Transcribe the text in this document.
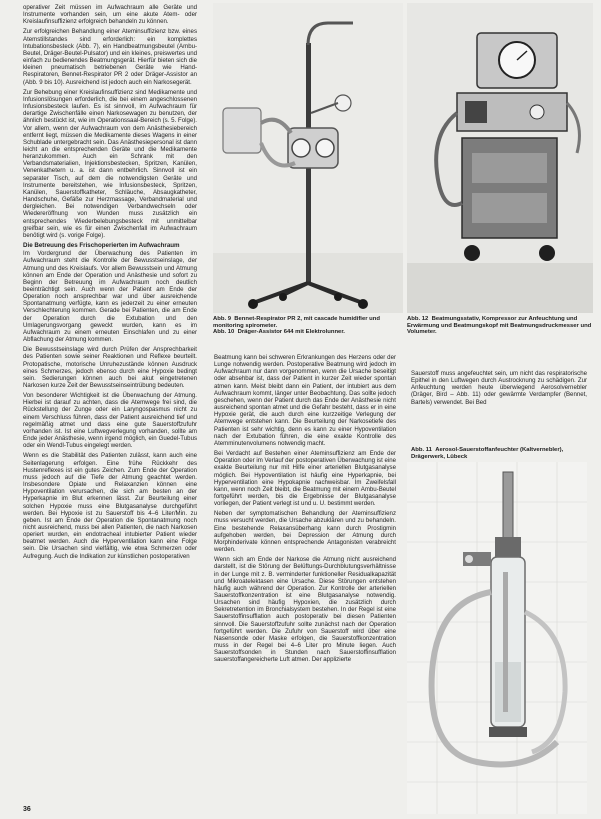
operativer Zeit müssen im Aufwachraum alle Geräte und Instrumente vorhanden sein, um eine akute Atem- oder Kreislaufinsuffizienz erfolgreich behandeln zu können.

Zur erfolgreichen Behandlung einer Ateminsuffizienz bzw. eines Atemstillstandes sind erforderlich: ein komplettes Intubationsbesteck (Abb. 7), ein Handbeatmungsbeutel (Ambu-Beutel, Dräger-Beutel-Pulsator) und ein kleines, preiswertes und einfach zu bedienendes Beatmungsgerät. Hierfür bieten sich die kleinen pneumatisch betriebenen Geräte wie Hand-Respiratoren, Bennet-Respirator PR 2 oder Dräger-Assistor an (Abb. 9 bis 10). Ausreichend ist jedoch auch ein Narkosegerät.

Zur Behebung einer Kreislaufinsuffizienz sind Medikamente und Infusionslösungen erforderlich, die bei einem angeschlossenen Infusionsbesteck laufen. Es ist sinnvoll, im Aufwachraum für derartige Zwischenfälle einen Narkosewagen zu benutzen, der ähnlich bestückt ist, wie im Operationssaal-Bereich (s. 5. Folge). Vor allem, wenn der Aufwachraum von dem Anästhesiebereich entfernt liegt, müssen die Medikamente dieses Wagens in einer Schublade untergebracht sein. Das Anästhesiepersonal ist dann leicht an die entsprechenden Geräte und die Medikamente heranzukommen. Auch ein Schrank mit den Verbandsmaterialien, Injektionsbestecken, Spritzen, Kanülen, Venenkathetern u. a. ist dann entbehrlich. Sinnvoll ist ein separater Tisch, auf dem die notwendigsten Geräte und Instrumente bereitstehen, wie Infusionsbesteck, Spritzen, Kanülen, Sauerstoffkatheter, Schläuche, Absaugkatheter, Handschuhe, Gefäße zur Herzmassage, Verbandmaterial und dergleichen. Bei notwendigen Verbandwechseln oder Wiedereröffnung von Wunden muss zusätzlich ein entsprechendes Wiederbelebungsbesteck mit unmittelbar greifbar sein, wie es für einen Zwischenfall im Aufwachraum benötigt wird (s. vorige Folge).

Die Betreuung des Frischoperierten im Aufwachraum

Im Vordergrund der Überwachung des Patienten im Aufwachraum steht die Kontrolle der Bewusstseinslage, der Atmung und des Kreislaufs. Vor allem Bewusstsein und Atmung können am Ende der Operation und Anästhesie und sofort zu Beginn der Betreuung im Aufwachraum noch deutlich beeinträchtigt sein. Auch wenn der Patient am Ende der Operation noch ansprechbar war und über ausreichende Spontanatmung verfügte, kann es jederzeit zu einer erneuten Verschlechterung kommen. Gerade bei Patienten, die am Ende der Operation durch die Extubation und den Umlagerungsvorgang geweckt wurden, kann es im Aufwachraum zu einem erneuten Einschlafen und zu einer Abflachung der Atmung kommen.

Die Bewusstseinslage wird durch Prüfen der Ansprechbarkeit des Patienten sowie seiner Reaktionen und Reflexe beurteilt. Protopatische, motorische Unruhezustände können Ausdruck eines Schmerzes, jedoch ebenso durch eine Hypoxie bedingt sein. Sedierungen können auch bei akut eingetretenen Narkosen kurze Zeit der Bewusstseinseintrübung bedeuten.

Von besonderer Wichtigkeit ist die Überwachung der Atmung. Hierbei ist darauf zu achten, dass die Atemwege frei sind, die Rückstellung der Zunge oder ein Laryngospasmus nicht zu einem Verschluss führen, dass der Patient ausreichend tief und regelmäßig atmet und dass eine gute Sauerstoffzufuhr vorhanden ist. Ist eine Luftwegverlegung vorhanden, sollte am Ende jeder Anästhesie, wenn irgend möglich, ein Guedel-Tubus oder ein Wendl-Tubus eingelegt werden.

Wenn es die Stabilität des Patienten zulässt, kann auch eine Seitenlagerung erfolgen. Eine frühe Rückkehr des Hustenreflexes ist ein gutes Zeichen. Zum Ende der Operation muss jedoch auf die Tiefe der Atmung geachtet werden. Insbesondere Opiate und Relaxanzien können eine Hypoventilation verursachen, die sich am besten an der Hyperkapnie im Blut erkennen lässt. Zur Beurteilung einer solchen Hypoxie muss eine Blutgasanalyse durchgeführt werden. Bei Hypoxie ist zu Sauerstoff bis 4–6 Liter/Min. zu geben. Ist am Ende der Operation die Spontanatmung noch nicht ausreichend, muss bei allen Patienten, die nach Narkosen operiert wurden, ein endotracheal intubierter Patient wieder beatmet werden. Auch die Hyperventilation kann eine Folge sein. Die Ursachen sind vielfältig, wie etwa Schmerzen oder Aufregung. Auch die Indikation zur künstlichen postoperativen

Abb. 9 Bennet-Respirator PR 2, mit cascade humidifier und monitoring spirometer.
Abb. 10 Dräger-Assistor 644 mit Elektrolunner.
Abb. 12 Beatmungsstativ, Kompressor zur Anfeuchtung und Erwärmung und Beatmungskopf mit Beatmungsdruckmesser und Volumeter.

Beatmung kann bei schweren Erkrankungen des Herzens oder der Lunge notwendig werden. Postoperative Beatmung wird jedoch im Aufwachraum nur dann vorgenommen, wenn die Ursache beseitigt oder absehbar ist, dass der Patient in kurzer Zeit wieder spontan atmen kann. Meist bleibt dann ein Patient, der intubiert aus dem Aufwachraum kommt, länger unter Beobachtung. Das sollte jedoch geschehen, wenn der Patient durch das Ende der Anästhesie nicht ausreichend spontan atmet und die Gefahr besteht, dass er in eine Hypoxie gerät, die auch durch eine kurzzeitige Verlegung der Atemwege entstehen kann. Die Beurteilung der Narkosetiefe des Patienten ist sehr wichtig, denn es kann zu einer Hypoventilation nach der Extubation führen, die eine exakte Kontrolle des Atemminutenvolumens notwendig macht.

Bei Verdacht auf Bestehen einer Ateminsuffizienz am Ende der Operation oder im Verlauf der postoperativen Überwachung ist eine exakte Beurteilung nur mit Hilfe einer arteriellen Blutgasanalyse möglich. Bei Hypoventilation ist häufig eine Hyperkapnie, bei Hyperventilation eine Hypokapnie nachweisbar. Im Zweifelsfall kann, wenn noch Zeit bleibt, die Beatmung mit einem Ambu-Beutel fortgeführt werden, bis die Ergebnisse der Blutgasanalyse vorliegen, der Patient verlegt ist und u. U. bestimmt werden.

Neben der symptomatischen Behandlung der Ateminsuffizienz muss versucht werden, die Ursache abzuklären und zu behandeln. Eine bestehende Relaxansüberhang kann durch Prostigmin aufgehoben werden, bei Depression der Atmung durch Morphinderivate können entsprechende Antagonisten verabreicht werden.

Wenn sich am Ende der Narkose die Atmung nicht ausreichend darstellt, ist die Störung der Belüftungs-Durchblutungsverhältnisse in der Lunge mit z. B. verminderter funktioneller Residualkapazität und Mikroatelektasen eine Ursache. Diese Störungen entstehen häufig auch während der Operation. Zur Kontrolle der arteriellen Sauerstoffkonzentration ist eine Blutgasanalyse notwendig. Ursachen sind häufig Hypoxien, die zusätzlich durch Sekretretention im Bronchialsystem bestehen. In der Regel ist eine Sauerstoffinsufflation auch postoperativ bei diesen Patienten sinnvoll. Die Sauerstoffzufuhr sollte zunächst nach der Operation fortgeführt werden. Die Zufuhr von Sauerstoff wird über eine Nasensonde oder Maske erfolgen, die Sauerstoffkonzentration muss in der Regel bei 4–6 Liter pro Minute liegen. Auch Sauerstoffsonden in Stunden nach Sauerstoffinsufflation sauerstoffangereicherte Luft atmen. Der applizierte

Sauerstoff muss angefeuchtet sein, um nicht das respiratorische Epithel in den Luftwegen durch Austrocknung zu schädigen. Zur Anfeuchtung werden heute überwiegend Aerosolvernebler (Dräger, Bird – Abb. 11) oder gewärmte Verdampfer (Bennet, Bartels) verwendet. Bei Bed

Abb. 11 Aerosol-Sauerstoffanfeuchter (Kaltvernebler), Drägerwerk, Lübeck
36
